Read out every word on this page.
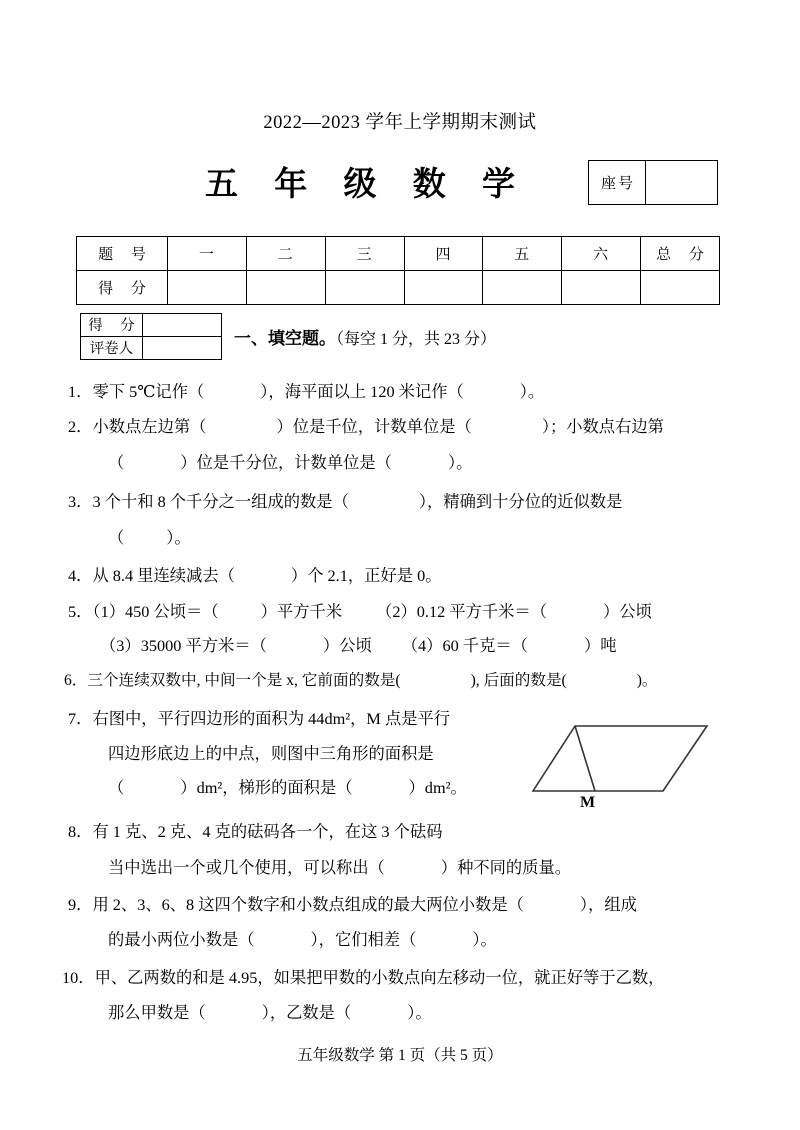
2022—2023 学年上学期期末测试
五 年 级 数 学	座号
题 号	一	二	三	四	五	六	总 分
得 分							
得 分
评卷人
一、填空题。（每空 1 分，共 23 分）
1．零下 5℃记作（	），海平面以上 120 米记作（	）。
2．小数点左边第（	）位是千位，计数单位是（	）；小数点右边第
（	）位是千分位，计数单位是（	）。
3．3 个十和 8 个千分之一组成的数是（	），精确到十分位的近似数是
（	）。
4．从 8.4 里连续减去（	）个 2.1，正好是 0。
5．（1）450 公顷＝（	）平方千米 （2）0.12 平方千米＝（	）公顷
（3）35000 平方米＝（	）公顷 （4）60 千克＝（	）吨
6．三个连续双数中, 中间一个是 x, 它前面的数是(	), 后面的数是(	)。
7．右图中，平行四边形的面积为 44dm²，M 点是平行
四边形底边上的中点，则图中三角形的面积是
（	）dm²，梯形的面积是（	）dm²。
M
8．有 1 克、2 克、4 克的砝码各一个，在这 3 个砝码
当中选出一个或几个使用，可以称出（	）种不同的质量。
9．用 2、3、6、8 这四个数字和小数点组成的最大两位小数是（	），组成
的最小两位小数是（	），它们相差（	）。
10．甲、乙两数的和是 4.95，如果把甲数的小数点向左移动一位，就正好等于乙数，
那么甲数是（	），乙数是（	）。
五年级数学 第 1 页（共 5 页）
